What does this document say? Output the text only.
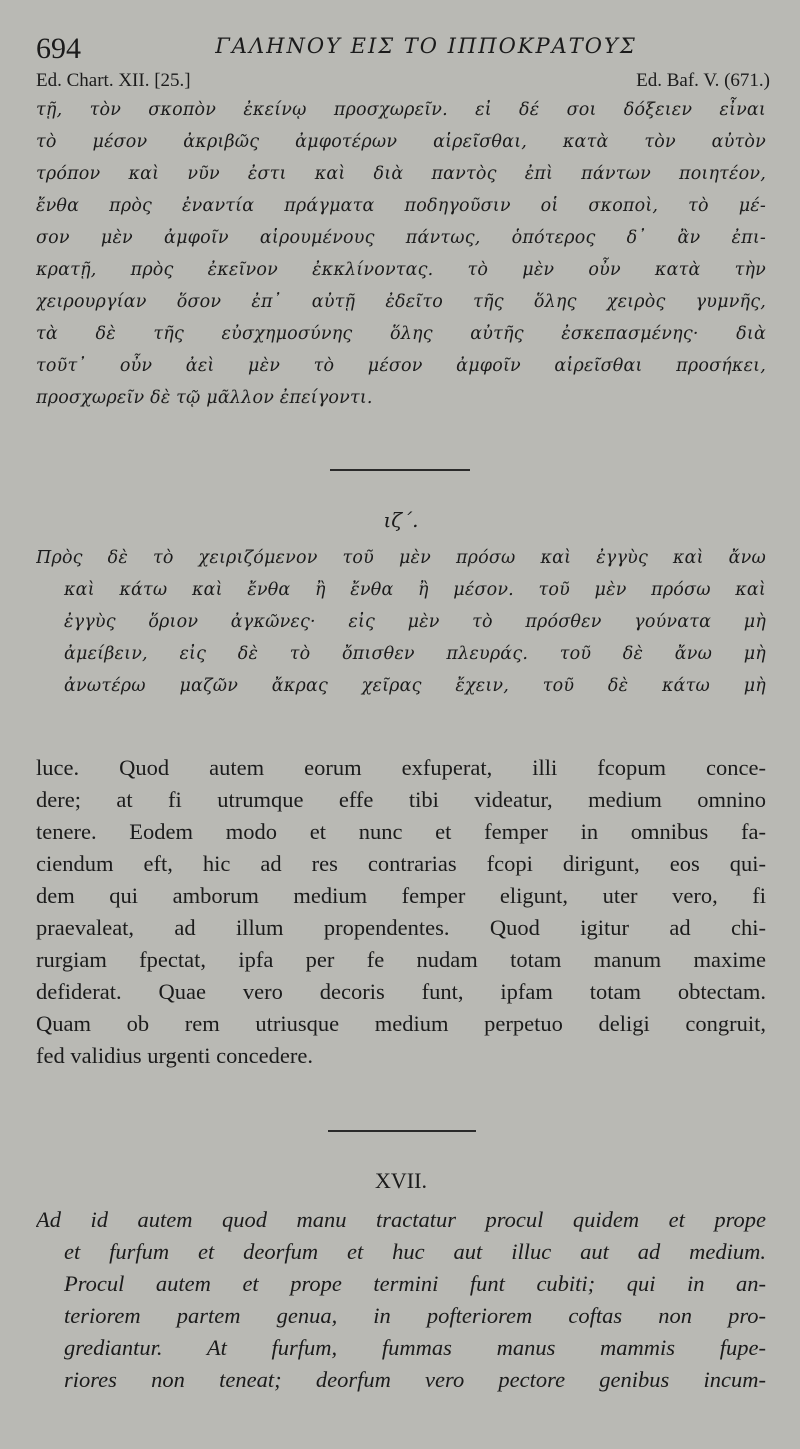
694	ΓΑΛΗΝΟΥ ΕΙΣ ΤΟ ΙΠΠΟΚΡΑΤΟΥΣ
Ed. Chart. XII. [25.]	Ed. Baf. V. (671.)
τῇ, τὸν σκοπὸν ἐκείνῳ προσχωρεῖν. εἰ δέ σοι δόξειεν εἶναι
τὸ μέσον ἀκριβῶς ἀμφοτέρων αἱρεῖσθαι, κατὰ τὸν αὐτὸν
τρόπον καὶ νῦν ἐστι καὶ διὰ παντὸς ἐπὶ πάντων ποιητέον,
ἔνθα πρὸς ἐναντία πράγματα ποδηγοῦσιν οἱ σκοποὶ, τὸ μέ-
σον μὲν ἀμφοῖν αἱρουμένους πάντως, ὁπότερος δ᾽ ἂν ἐπι-
κρατῇ, πρὸς ἐκεῖνον ἐκκλίνοντας. τὸ μὲν οὖν κατὰ τὴν
χειρουργίαν ὅσον ἐπ᾽ αὐτῇ ἐδεῖτο τῆς ὅλης χειρὸς γυμνῆς,
τὰ δὲ τῆς εὐσχημοσύνης ὅλης αὐτῆς ἐσκεπασμένης· διὰ
τοῦτ᾽ οὖν ἀεὶ μὲν τὸ μέσον ἀμφοῖν αἱρεῖσθαι προσήκει,
προσχωρεῖν δὲ τῷ μᾶλλον ἐπείγοντι.
ιζ΄.
Πρὸς δὲ τὸ χειριζόμενον τοῦ μὲν πρόσω καὶ ἐγγὺς καὶ ἄνω
καὶ κάτω καὶ ἔνθα ἢ ἔνθα ἢ μέσον. τοῦ μὲν πρόσω καὶ
ἐγγὺς ὅριον ἀγκῶνες· εἰς μὲν τὸ πρόσθεν γούνατα μὴ
ἀμείβειν, εἰς δὲ τὸ ὄπισθεν πλευράς. τοῦ δὲ ἄνω μὴ
ἀνωτέρω μαζῶν ἄκρας χεῖρας ἔχειν, τοῦ δὲ κάτω μὴ
luce. Quod autem eorum exfuperat, illi fcopum conce-
dere; at fi utrumque effe tibi videatur, medium omnino
tenere. Eodem modo et nunc et femper in omnibus fa-
ciendum eft, hic ad res contrarias fcopi dirigunt, eos qui-
dem qui amborum medium femper eligunt, uter vero, fi
praevaleat, ad illum propendentes. Quod igitur ad chi-
rurgiam fpectat, ipfa per fe nudam totam manum maxime
defiderat. Quae vero decoris funt, ipfam totam obtectam.
Quam ob rem utriusque medium perpetuo deligi congruit,
fed validius urgenti concedere.
XVII.
Ad id autem quod manu tractatur procul quidem et prope
et furfum et deorfum et huc aut illuc aut ad medium.
Procul autem et prope termini funt cubiti; qui in an-
teriorem partem genua, in pofteriorem coftas non pro-
grediantur. At furfum, fummas manus mammis fupe-
riores non teneat; deorfum vero pectore genibus incum-
